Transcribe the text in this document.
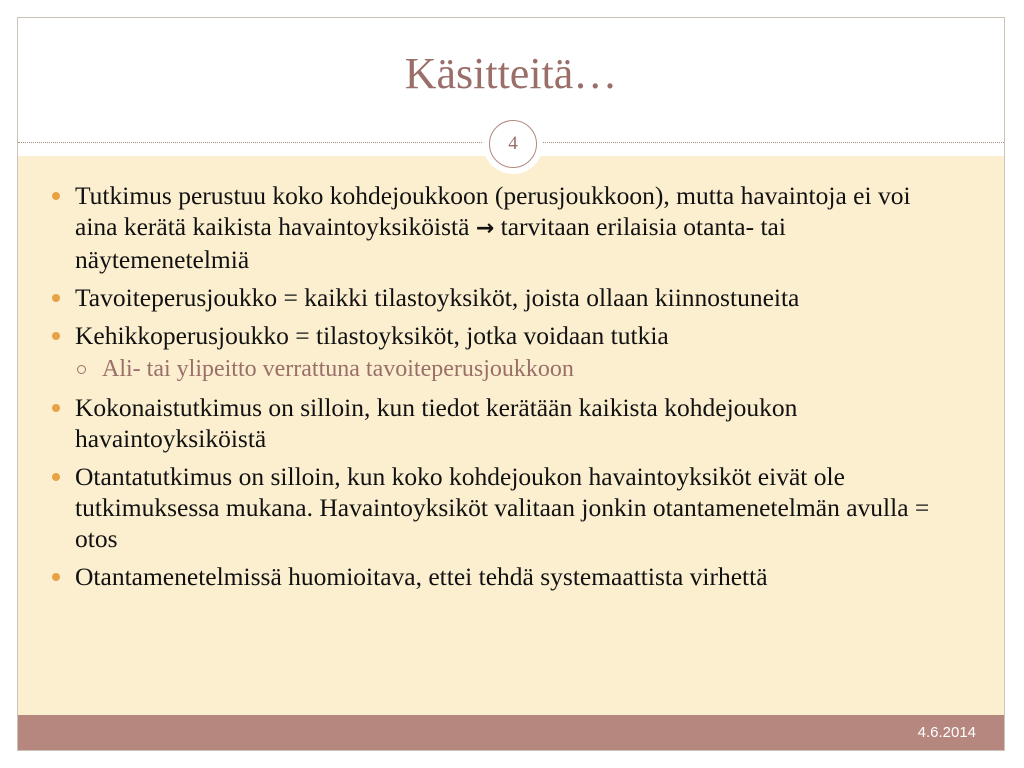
Käsitteitä…
4
4.6.2014
Tutkimus perustuu koko kohdejoukkoon (perusjoukkoon), mutta havaintoja ei voi aina kerätä kaikista havaintoyksiköistä → tarvitaan erilaisia otanta- tai näytemenetelmiä
Tavoiteperusjoukko = kaikki tilastoyksiköt, joista ollaan kiinnostuneita
Kehikkoperusjoukko = tilastoyksiköt, jotka voidaan tutkia
Ali- tai ylipeitto verrattuna tavoiteperusjoukkoon
Kokonaistutkimus on silloin, kun tiedot kerätään kaikista kohdejoukon havaintoyksiköistä
Otantatutkimus on silloin, kun koko kohdejoukon havaintoyksiköt eivät ole tutkimuksessa mukana. Havaintoyksiköt valitaan jonkin otantamenetelmän avulla = otos
Otantamenetelmissä huomioitava, ettei tehdä systemaattista virhettä
